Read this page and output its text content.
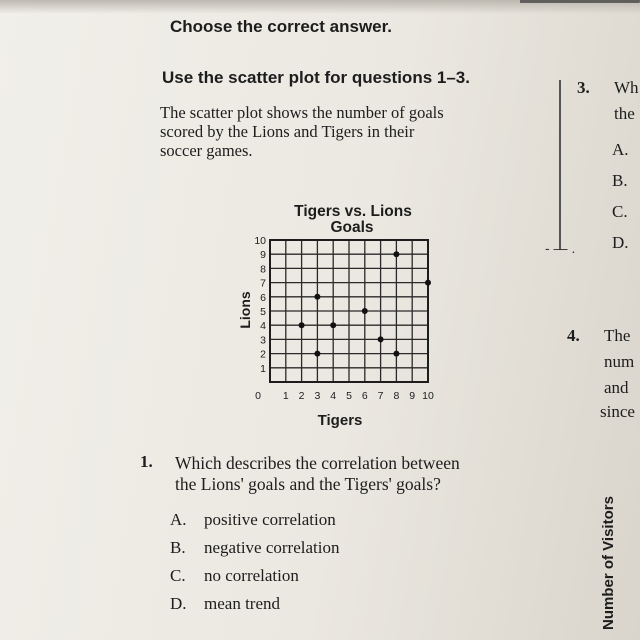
Choose the correct answer.
Use the scatter plot for questions 1–3.
The scatter plot shows the number of goals
scored by the Lions and Tigers in their
soccer games.
- — .
0 1 2 3 4 5 6 7 8 9 10
1
2
3
4
5
6
7
8
9
10
Tigers vs. Lions
Goals
Tigers
Lions
1. Which describes the correlation between
the Lions' goals and the Tigers' goals?
A. positive correlation
B. negative correlation
C. no correlation
D. mean trend
3. Wh
the
A.
B.
C.
D.
4. The
num
and
since
Number of Visitors
